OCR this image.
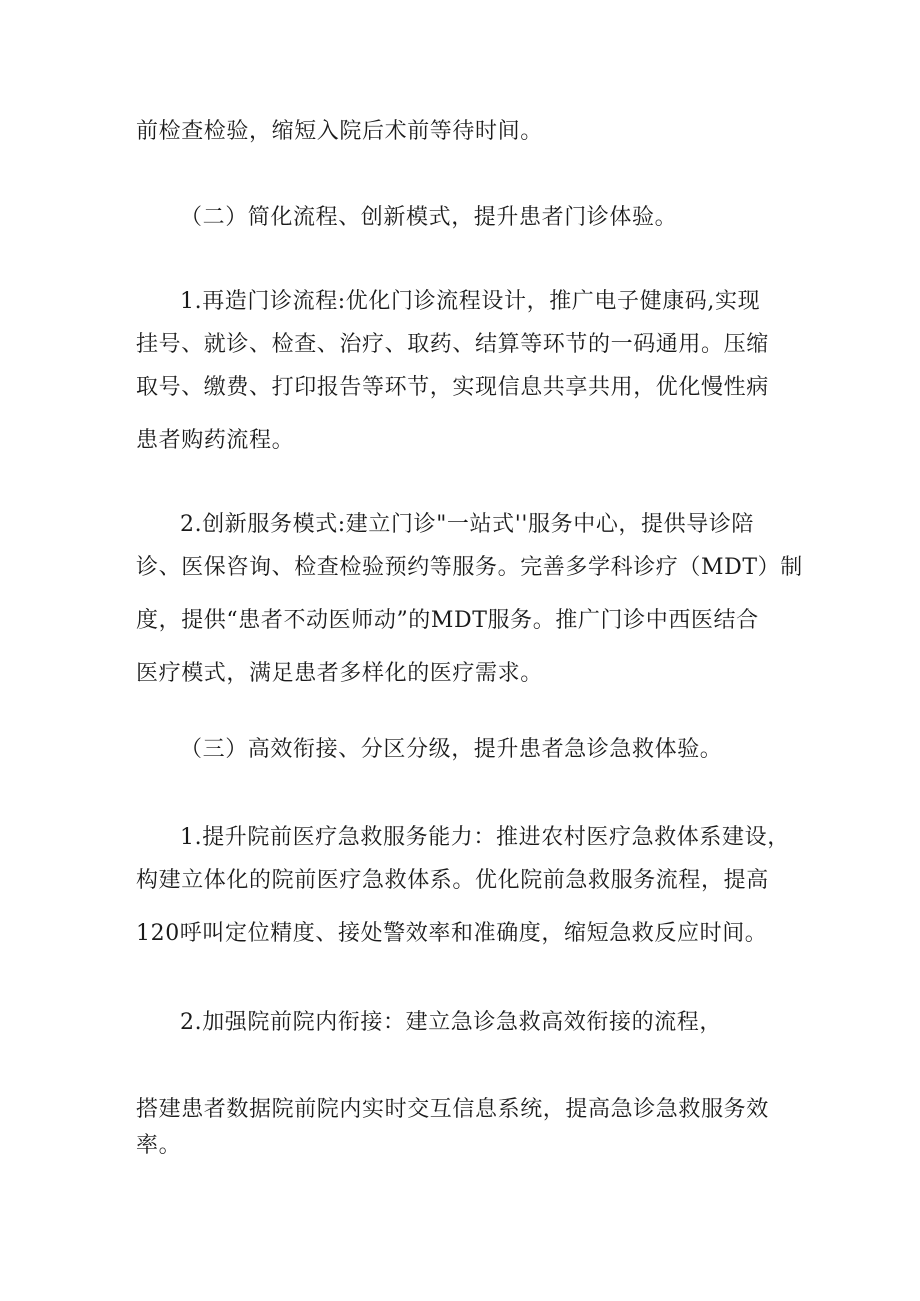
前检查检验，缩短入院后术前等待时间。
（二）简化流程、创新模式，提升患者门诊体验。
1.再造门诊流程:优化门诊流程设计，推广电子健康码,实现
挂号、就诊、检查、治疗、取药、结算等环节的一码通用。压缩
取号、缴费、打印报告等环节，实现信息共享共用，优化慢性病
患者购药流程。
2.创新服务模式:建立门诊"一站式''服务中心，提供导诊陪
诊、医保咨询、检查检验预约等服务。完善多学科诊疗（MDT）制
度，提供“患者不动医师动”的MDT服务。推广门诊中西医结合
医疗模式，满足患者多样化的医疗需求。
（三）高效衔接、分区分级，提升患者急诊急救体验。
1.提升院前医疗急救服务能力：推进农村医疗急救体系建设，
构建立体化的院前医疗急救体系。优化院前急救服务流程，提高
120呼叫定位精度、接处警效率和准确度，缩短急救反应时间。
2.加强院前院内衔接：建立急诊急救高效衔接的流程，
搭建患者数据院前院内实时交互信息系统，提高急诊急救服务效
率。
